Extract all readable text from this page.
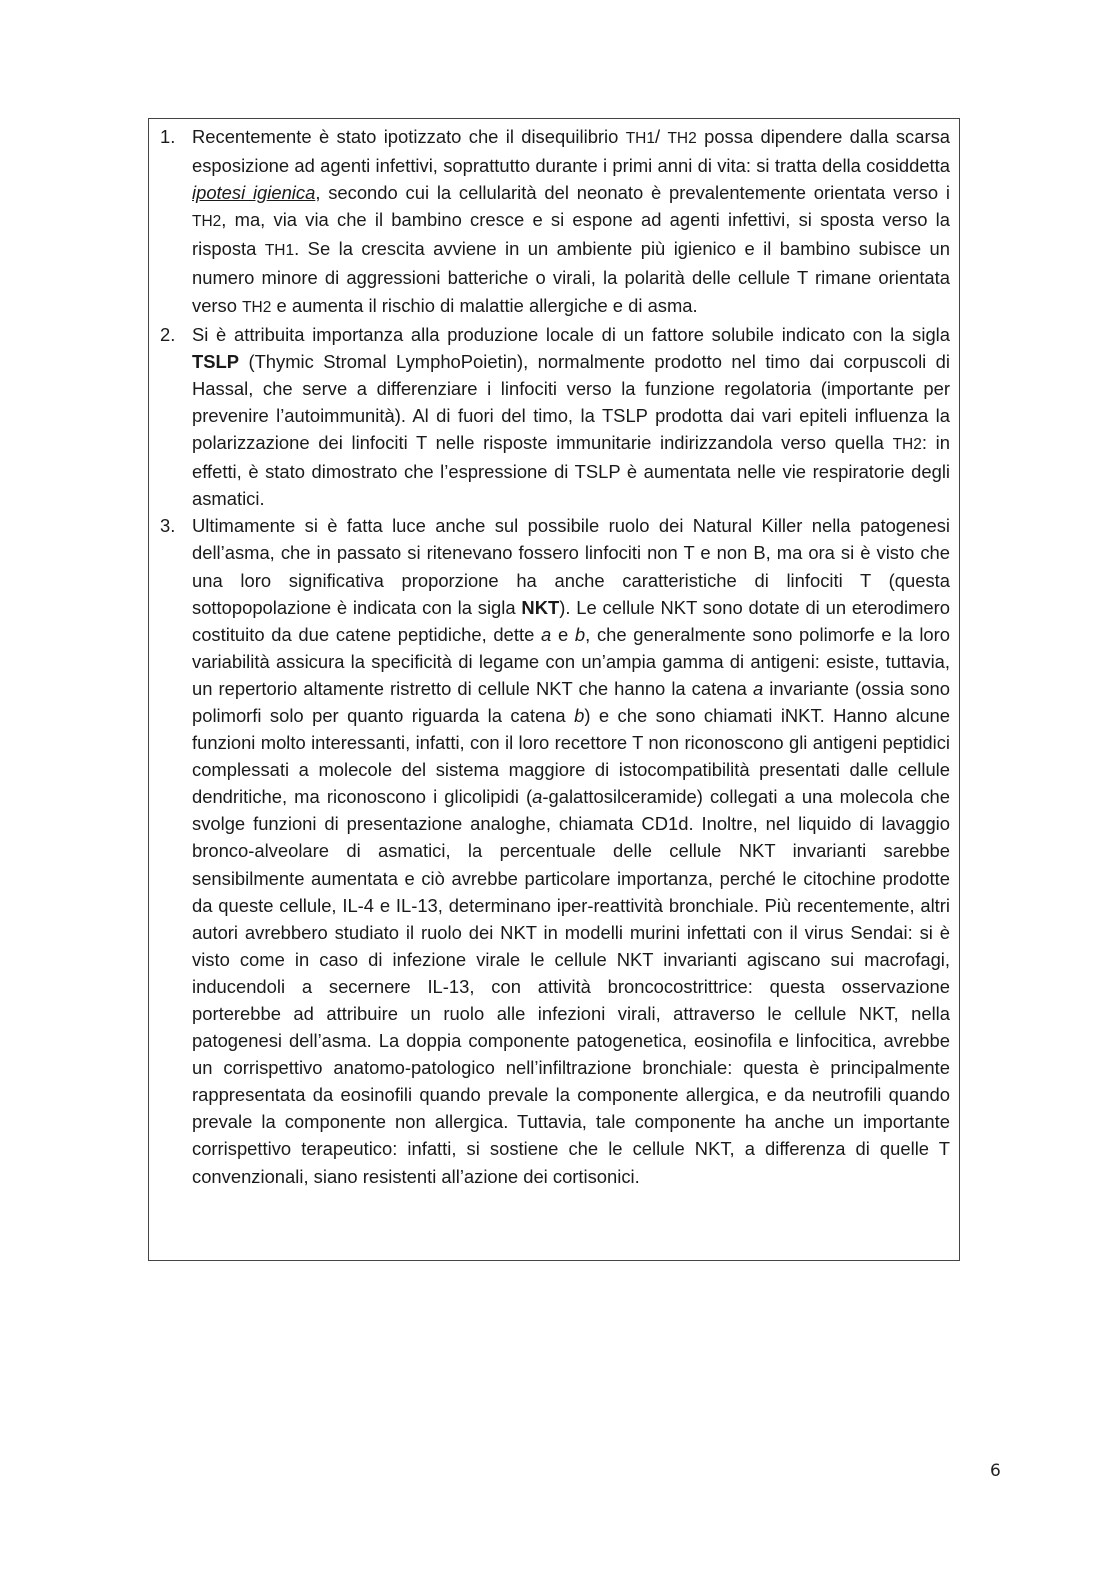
1. Recentemente è stato ipotizzato che il disequilibrio TH1/ TH2 possa dipendere dalla scarsa esposizione ad agenti infettivi, soprattutto durante i primi anni di vita: si tratta della cosiddetta ipotesi igienica, secondo cui la cellularità del neonato è prevalentemente orientata verso i TH2, ma, via via che il bambino cresce e si espone ad agenti infettivi, si sposta verso la risposta TH1. Se la crescita avviene in un ambiente più igienico e il bambino subisce un numero minore di aggressioni batteriche o virali, la polarità delle cellule T rimane orientata verso TH2 e aumenta il rischio di malattie allergiche e di asma.
2. Si è attribuita importanza alla produzione locale di un fattore solubile indicato con la sigla TSLP (Thymic Stromal LymphoPoietin), normalmente prodotto nel timo dai corpuscoli di Hassal, che serve a differenziare i linfociti verso la funzione regolatoria (importante per prevenire l’autoimmunità). Al di fuori del timo, la TSLP prodotta dai vari epiteli influenza la polarizzazione dei linfociti T nelle risposte immunitarie indirizzandola verso quella TH2: in effetti, è stato dimostrato che l’espressione di TSLP è aumentata nelle vie respiratorie degli asmatici.
3. Ultimamente si è fatta luce anche sul possibile ruolo dei Natural Killer nella patogenesi dell’asma, che in passato si ritenevano fossero linfociti non T e non B, ma ora si è visto che una loro significativa proporzione ha anche caratteristiche di linfociti T (questa sottopopolazione è indicata con la sigla NKT). Le cellule NKT sono dotate di un eterodimero costituito da due catene peptidiche, dette a e b, che generalmente sono polimorfe e la loro variabilità assicura la specificità di legame con un’ampia gamma di antigeni: esiste, tuttavia, un repertorio altamente ristretto di cellule NKT che hanno la catena a invariante (ossia sono polimorfi solo per quanto riguarda la catena b) e che sono chiamati iNKT. Hanno alcune funzioni molto interessanti, infatti, con il loro recettore T non riconoscono gli antigeni peptidici complessati a molecole del sistema maggiore di istocompatibilità presentati dalle cellule dendritiche, ma riconoscono i glicolipidi (a-galattosilceramide) collegati a una molecola che svolge funzioni di presentazione analoghe, chiamata CD1d. Inoltre, nel liquido di lavaggio bronco-alveolare di asmatici, la percentuale delle cellule NKT invarianti sarebbe sensibilmente aumentata e ciò avrebbe particolare importanza, perché le citochine prodotte da queste cellule, IL-4 e IL-13, determinano iper-reattività bronchiale. Più recentemente, altri autori avrebbero studiato il ruolo dei NKT in modelli murini infettati con il virus Sendai: si è visto come in caso di infezione virale le cellule NKT invarianti agiscano sui macrofagi, inducendoli a secernere IL-13, con attività broncocostrittrice: questa osservazione porterebbe ad attribuire un ruolo alle infezioni virali, attraverso le cellule NKT, nella patogenesi dell’asma. La doppia componente patogenetica, eosinofila e linfocitica, avrebbe un corrispettivo anatomo-patologico nell’infiltrazione bronchiale: questa è principalmente rappresentata da eosinofili quando prevale la componente allergica, e da neutrofili quando prevale la componente non allergica. Tuttavia, tale componente ha anche un importante corrispettivo terapeutico: infatti, si sostiene che le cellule NKT, a differenza di quelle T convenzionali, siano resistenti all’azione dei cortisonici.
6
